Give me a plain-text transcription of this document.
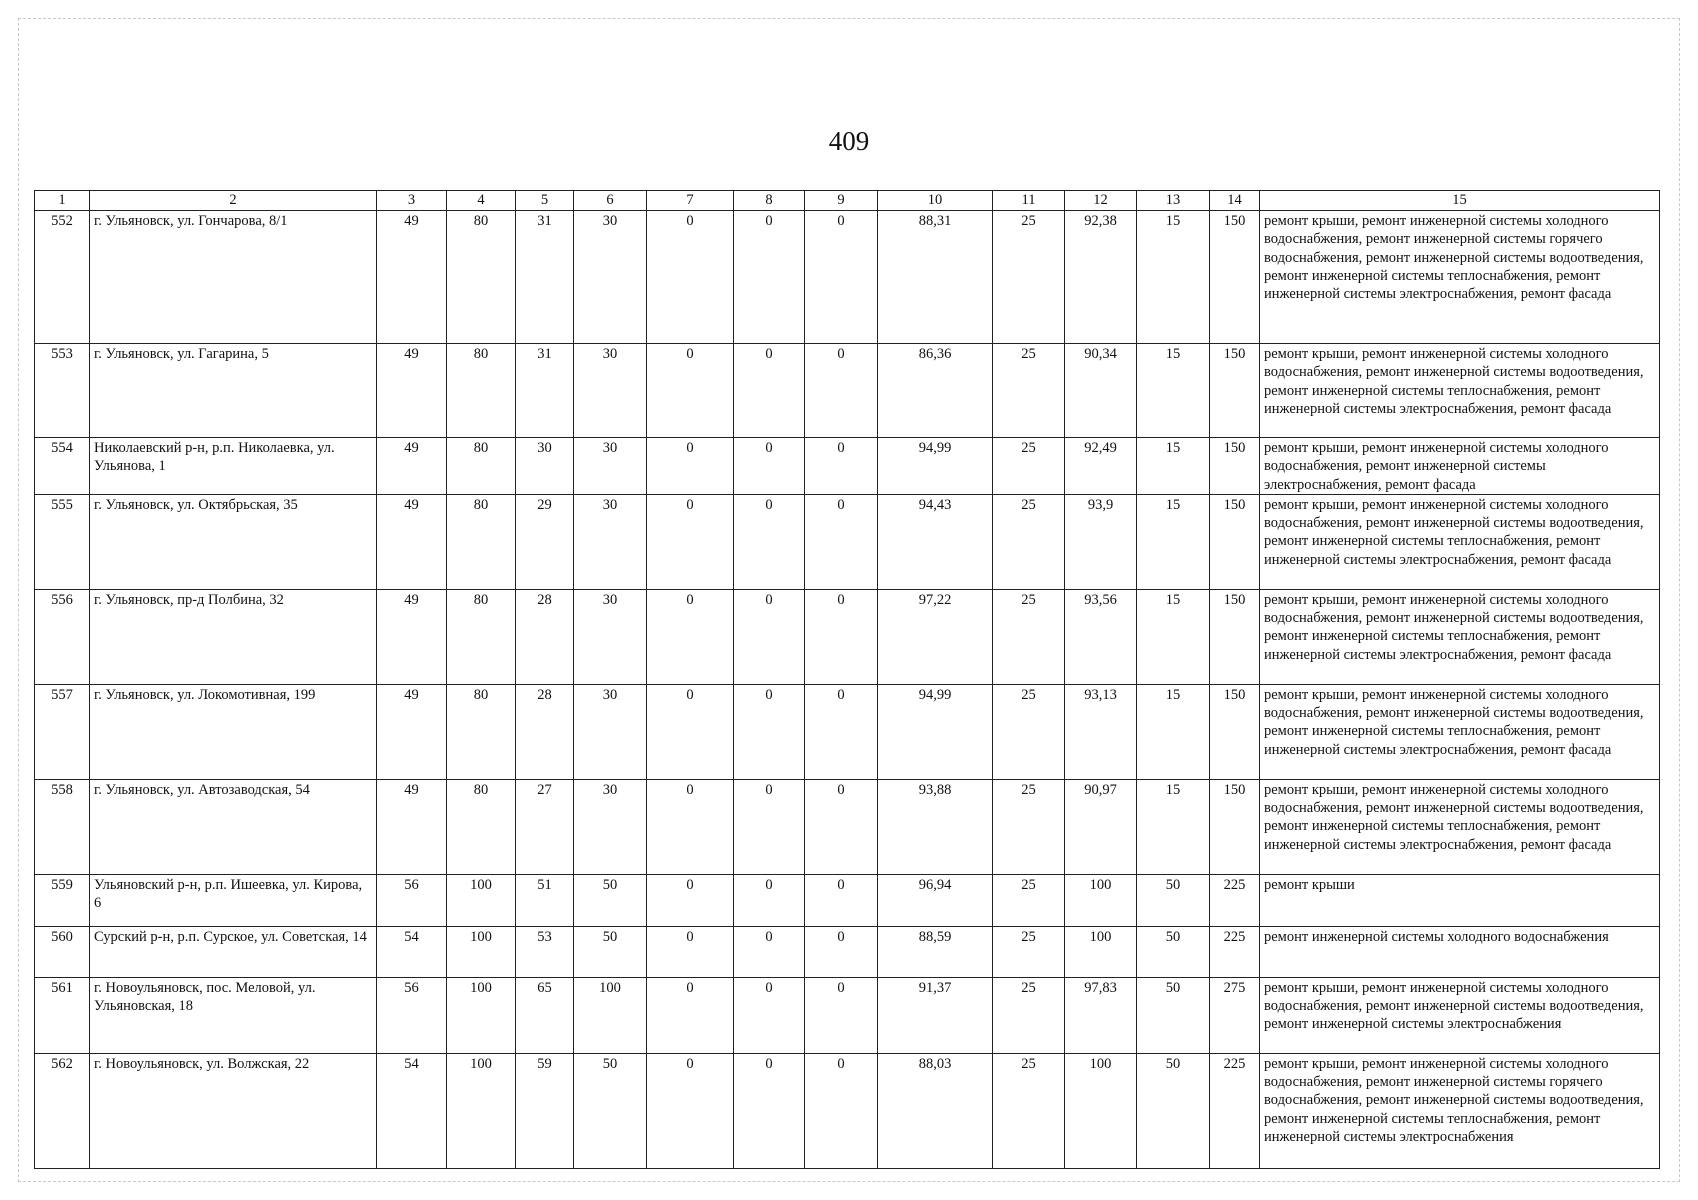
409
1	2	3	4	5	6	7	8	9	10	11	12	13	14	15
552	г. Ульяновск, ул. Гончарова, 8/1	49	80	31	30	0	0	0	88,31	25	92,38	15	150	ремонт крыши, ремонт инженерной системы холодного водоснабжения, ремонт инженерной системы горячего водоснабжения, ремонт инженерной системы водоотведения, ремонт инженерной системы теплоснабжения, ремонт инженерной системы электроснабжения, ремонт фасада
553	г. Ульяновск, ул. Гагарина, 5	49	80	31	30	0	0	0	86,36	25	90,34	15	150	ремонт крыши, ремонт инженерной системы холодного водоснабжения, ремонт инженерной системы водоотведения, ремонт инженерной системы теплоснабжения, ремонт инженерной системы электроснабжения, ремонт фасада
554	Николаевский р-н, р.п. Николаевка, ул. Ульянова, 1	49	80	30	30	0	0	0	94,99	25	92,49	15	150	ремонт крыши, ремонт инженерной системы холодного водоснабжения, ремонт инженерной системы электроснабжения, ремонт фасада
555	г. Ульяновск, ул. Октябрьская, 35	49	80	29	30	0	0	0	94,43	25	93,9	15	150	ремонт крыши, ремонт инженерной системы холодного водоснабжения, ремонт инженерной системы водоотведения, ремонт инженерной системы теплоснабжения, ремонт инженерной системы электроснабжения, ремонт фасада
556	г. Ульяновск, пр-д Полбина, 32	49	80	28	30	0	0	0	97,22	25	93,56	15	150	ремонт крыши, ремонт инженерной системы холодного водоснабжения, ремонт инженерной системы водоотведения, ремонт инженерной системы теплоснабжения, ремонт инженерной системы электроснабжения, ремонт фасада
557	г. Ульяновск, ул. Локомотивная, 199	49	80	28	30	0	0	0	94,99	25	93,13	15	150	ремонт крыши, ремонт инженерной системы холодного водоснабжения, ремонт инженерной системы водоотведения, ремонт инженерной системы теплоснабжения, ремонт инженерной системы электроснабжения, ремонт фасада
558	г. Ульяновск, ул. Автозаводская, 54	49	80	27	30	0	0	0	93,88	25	90,97	15	150	ремонт крыши, ремонт инженерной системы холодного водоснабжения, ремонт инженерной системы водоотведения, ремонт инженерной системы теплоснабжения, ремонт инженерной системы электроснабжения, ремонт фасада
559	Ульяновский р-н, р.п. Ишеевка, ул. Кирова, 6	56	100	51	50	0	0	0	96,94	25	100	50	225	ремонт крыши
560	Сурский р-н, р.п. Сурское, ул. Советская, 14	54	100	53	50	0	0	0	88,59	25	100	50	225	ремонт инженерной системы холодного водоснабжения
561	г. Новоульяновск, пос. Меловой, ул. Ульяновская, 18	56	100	65	100	0	0	0	91,37	25	97,83	50	275	ремонт крыши, ремонт инженерной системы холодного водоснабжения, ремонт инженерной системы водоотведения, ремонт инженерной системы электроснабжения
562	г. Новоульяновск, ул. Волжская, 22	54	100	59	50	0	0	0	88,03	25	100	50	225	ремонт крыши, ремонт инженерной системы холодного водоснабжения, ремонт инженерной системы горячего водоснабжения, ремонт инженерной системы водоотведения, ремонт инженерной системы теплоснабжения, ремонт инженерной системы электроснабжения
